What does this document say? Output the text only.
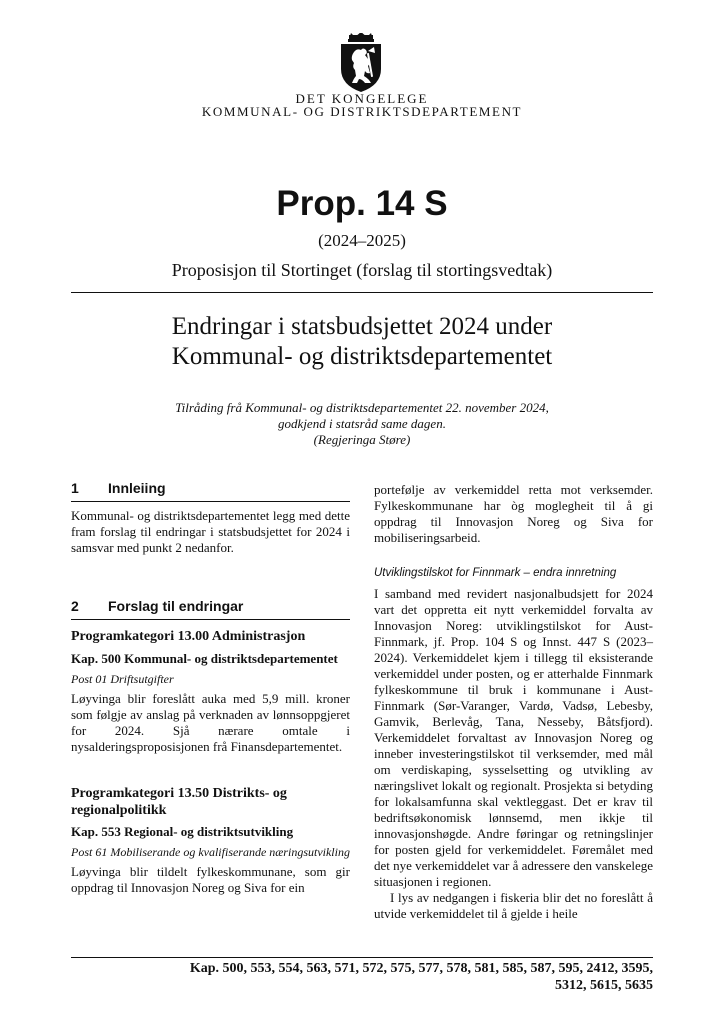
DET KONGELEGE
KOMMUNAL- OG DISTRIKTSDEPARTEMENT
Prop. 14 S
(2024–2025)
Proposisjon til Stortinget (forslag til stortingsvedtak)
Endringar i statsbudsjettet 2024 under
Kommunal- og distriktsdepartementet
Tilråding frå Kommunal- og distriktsdepartementet 22. november 2024,
godkjend i statsråd same dagen.
(Regjeringa Støre)
1	Innleiing
Kommunal- og distriktsdepartementet legg med dette fram forslag til endringar i statsbudsjettet for 2024 i samsvar med punkt 2 nedanfor.
2	Forslag til endringar
Programkategori 13.00 Administrasjon
Kap. 500 Kommunal- og distriktsdepartementet
Post 01 Driftsutgifter
Løyvinga blir foreslått auka med 5,9 mill. kroner som følgje av anslag på verknaden av lønnsoppgjeret for 2024. Sjå nærare omtale i nysalderingsproposisjonen frå Finansdepartementet.
Programkategori 13.50 Distrikts- og regionalpolitikk
Kap. 553 Regional- og distriktsutvikling
Post 61 Mobiliserande og kvalifiserande næringsutvikling
Løyvinga blir tildelt fylkeskommunane, som gir oppdrag til Innovasjon Noreg og Siva for ein
portefølje av verkemiddel retta mot verksemder. Fylkeskommunane har òg moglegheit til å gi oppdrag til Innovasjon Noreg og Siva for mobiliseringsarbeid.
Utviklingstilskot for Finnmark – endra innretning
I samband med revidert nasjonalbudsjett for 2024 vart det oppretta eit nytt verkemiddel forvalta av Innovasjon Noreg: utviklingstilskot for Aust-Finnmark, jf. Prop. 104 S og Innst. 447 S (2023–2024). Verkemiddelet kjem i tillegg til eksisterande verkemiddel under posten, og er atterhalde Finnmark fylkeskommune til bruk i kommunane i Aust-Finnmark (Sør-Varanger, Vardø, Vadsø, Lebesby, Gamvik, Berlevåg, Tana, Nesseby, Båtsfjord). Verkemiddelet forvaltast av Innovasjon Noreg og inneber investeringstilskot til verksemder, med mål om verdiskaping, sysselsetting og utvikling av næringslivet lokalt og regionalt. Prosjekta si betyding for lokalsamfunna skal vektleggast. Det er krav til bedriftsøkonomisk lønnsemd, men ikkje til innovasjonshøgde. Andre føringar og retningslinjer for posten gjeld for verkemiddelet. Føremålet med det nye verkemiddelet var å adressere den vanskelege situasjonen i regionen.
I lys av nedgangen i fiskeria blir det no foreslått å utvide verkemiddelet til å gjelde i heile
Kap. 500, 553, 554, 563, 571, 572, 575, 577, 578, 581, 585, 587, 595, 2412, 3595,
5312, 5615, 5635
